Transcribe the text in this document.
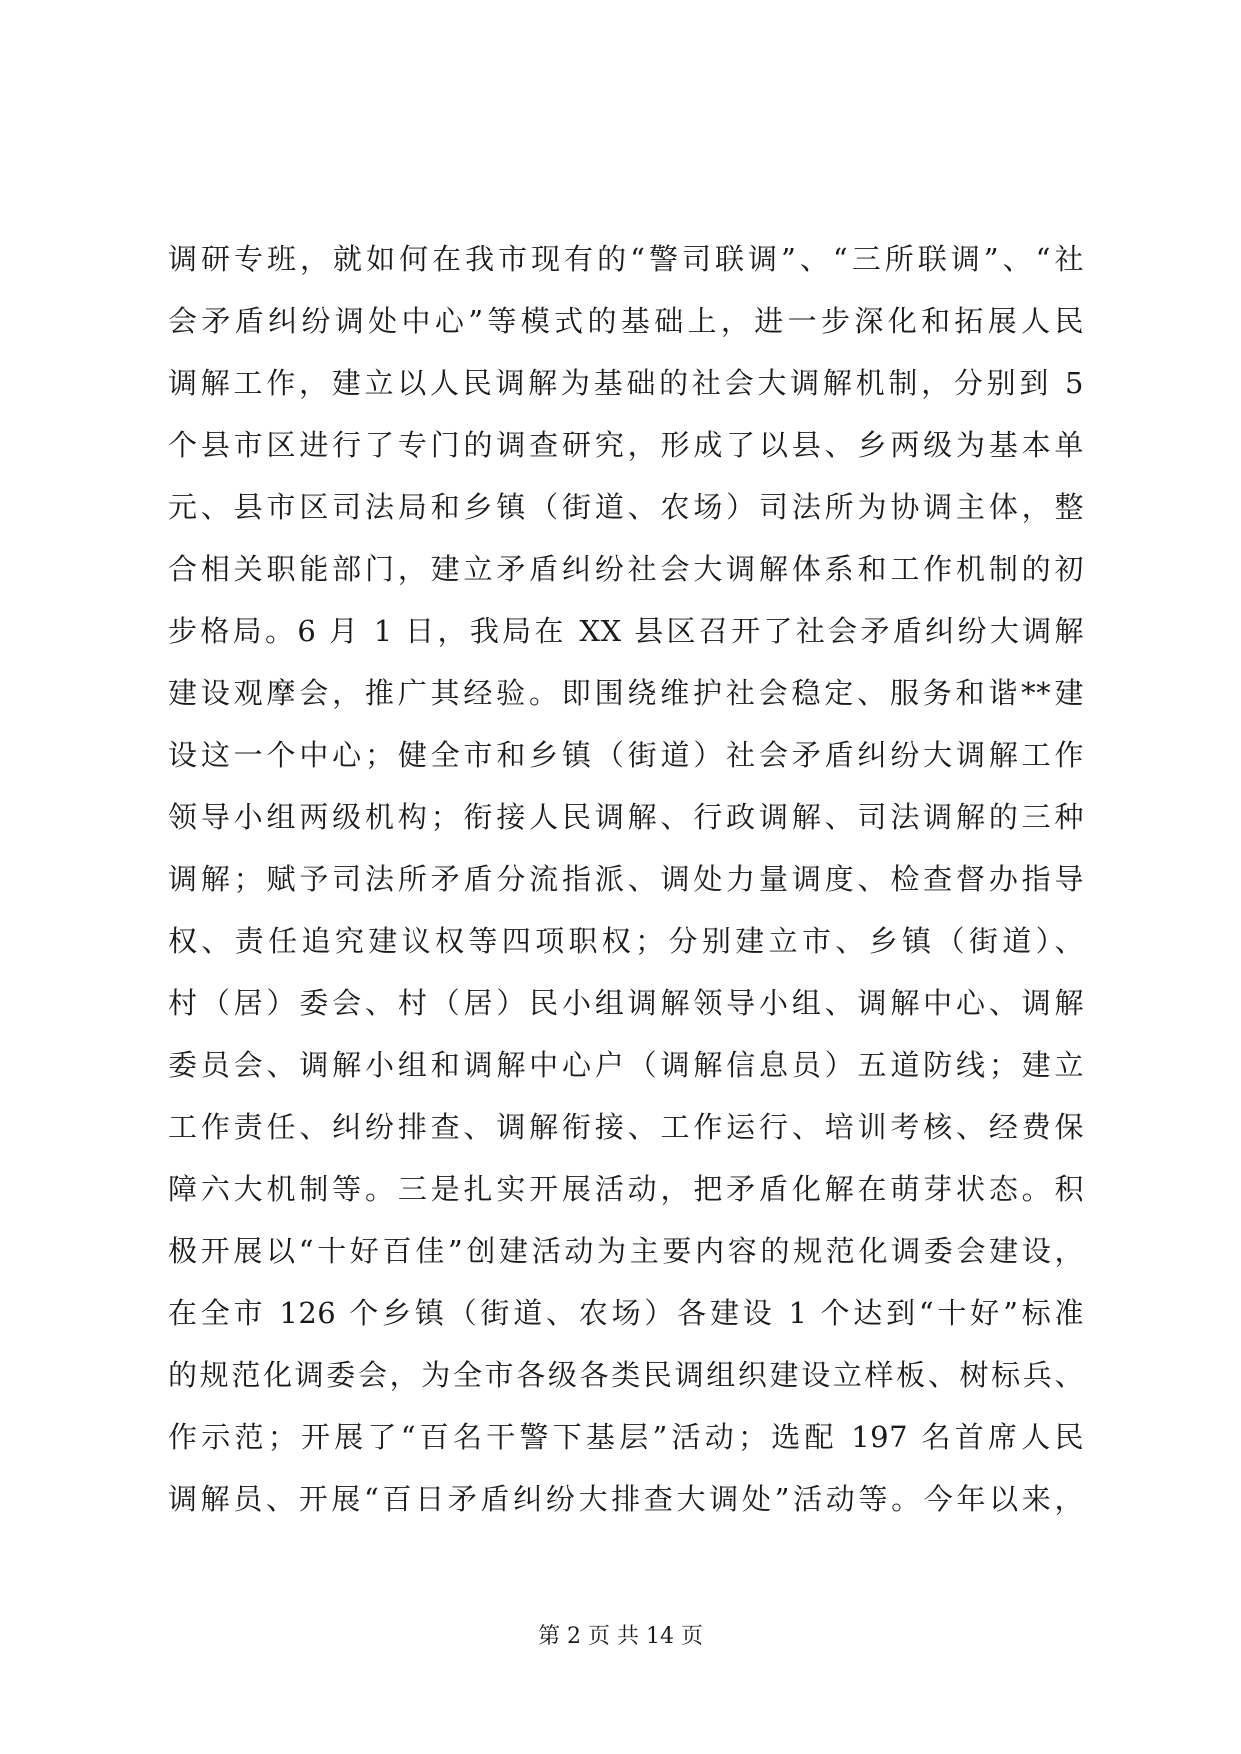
调研专班，就如何在我市现有的“警司联调”、“三所联调”、“社
会矛盾纠纷调处中心”等模式的基础上，进一步深化和拓展人民
调解工作，建立以人民调解为基础的社会大调解机制，分别到 5
个县市区进行了专门的调查研究，形成了以县、乡两级为基本单
元、县市区司法局和乡镇（街道、农场）司法所为协调主体，整
合相关职能部门，建立矛盾纠纷社会大调解体系和工作机制的初
步格局。6 月 1 日，我局在 XX 县区召开了社会矛盾纠纷大调解
建设观摩会，推广其经验。即围绕维护社会稳定、服务和谐**建
设这一个中心；健全市和乡镇（街道）社会矛盾纠纷大调解工作
领导小组两级机构；衔接人民调解、行政调解、司法调解的三种
调解；赋予司法所矛盾分流指派、调处力量调度、检查督办指导
权、责任追究建议权等四项职权；分别建立市、乡镇（街道）、
村（居）委会、村（居）民小组调解领导小组、调解中心、调解
委员会、调解小组和调解中心户（调解信息员）五道防线；建立
工作责任、纠纷排查、调解衔接、工作运行、培训考核、经费保
障六大机制等。三是扎实开展活动，把矛盾化解在萌芽状态。积
极开展以“十好百佳”创建活动为主要内容的规范化调委会建设，
在全市 126 个乡镇（街道、农场）各建设 1 个达到“十好”标准
的规范化调委会，为全市各级各类民调组织建设立样板、树标兵、
作示范；开展了“百名干警下基层”活动；选配 197 名首席人民
调解员、开展“百日矛盾纠纷大排查大调处”活动等。今年以来，
第 2 页 共 14 页
